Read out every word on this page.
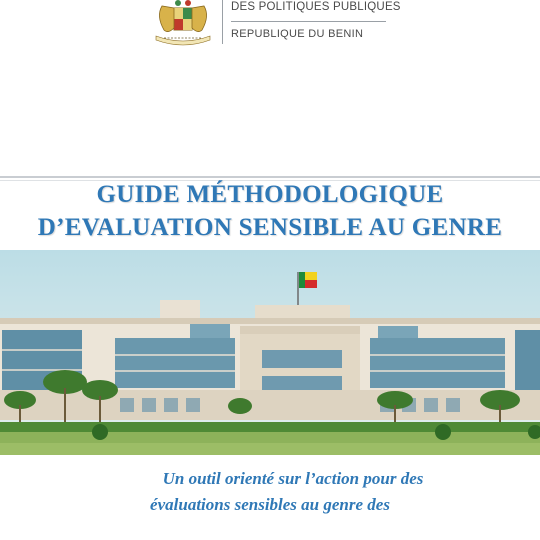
DES POLITIQUES PUBLIQUES
REPUBLIQUE DU BENIN
GUIDE MÉTHODOLOGIQUE
D’EVALUATION SENSIBLE AU GENRE
Un outil orienté sur l’action pour des
évaluations sensibles au genre des
